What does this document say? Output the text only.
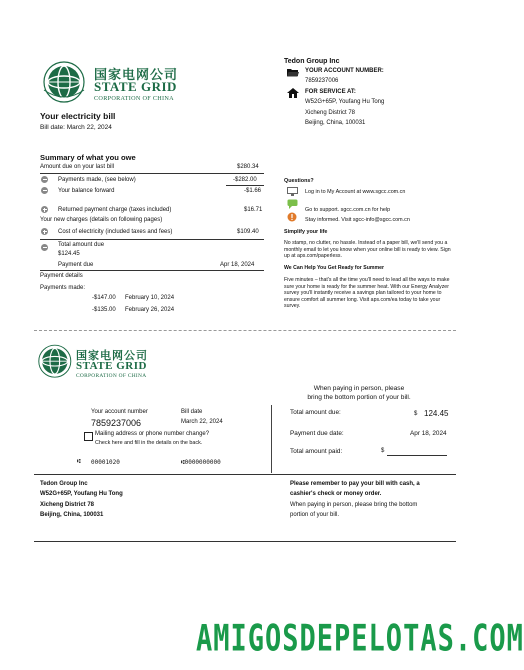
国家电网公司
STATE GRID
CORPORATION OF CHINA
Your electricity bill
Bill date: March 22, 2024
Tedon Group Inc
YOUR ACCOUNT NUMBER:
7859237006
FOR SERVICE AT:
W52G+65P, Youfang Hu Tong
Xicheng District 78
Beijing, China, 100031
Summary of what you owe
Amount due on your last bill	$280.34
Payments made, (see below)	-$282.00
Your balance forward	-$1.66
Returned payment charge (taxes included)	$16.71
Your new charges (details on following pages)
Cost of electricity (included taxes and fees)	$109.40
Total amount due
$124.45
Payment due	Apr 18, 2024
Payment details
Payments made:
-$147.00 February 10, 2024
-$135.00 February 26, 2024
Questions?
Log in to My Account at www.sgcc.com.cn
Go to support. sgcc.com.cn for help
Stay informed. Visit sgcc-info@sgcc.com.cn
Simplify your life
No stamp, no clutter, no hassle. Instead of a paper bill, we'll send you a monthly email to let you know when your online bill is ready to view. Sign up at aps.com/paperless.
We Can Help You Get Ready for Summer
Five minutes – that's all the time you'll need to lead all the ways to make sure your home is ready for the summer heat. With our Energy Analyzer survey you'll instantly receive a savings plan tailored to your home to ensure comfort all summer long. Visit aps.com/ea today to take your survey.
国家电网公司
STATE GRID
CORPORATION OF CHINA
When paying in person, please
bring the bottom portion of your bill.
Your account number
7859237006
Bill date
March 22, 2024
Mailing address or phone number change?
Check here and fill in the details on the back.
⑆ 00001020	⑆0000000000
Total amount due:	$ 124.45
Payment due date:	Apr 18, 2024
Total amount paid:	$
Tedon Group Inc
W52G+65P, Youfang Hu Tong
Xicheng District 78
Beijing, China, 100031
Please remember to pay your bill with cash, a
cashier's check or money order.
When paying in person, please bring the bottom
portion of your bill.
AMIGOSDEPELOTAS.COM
